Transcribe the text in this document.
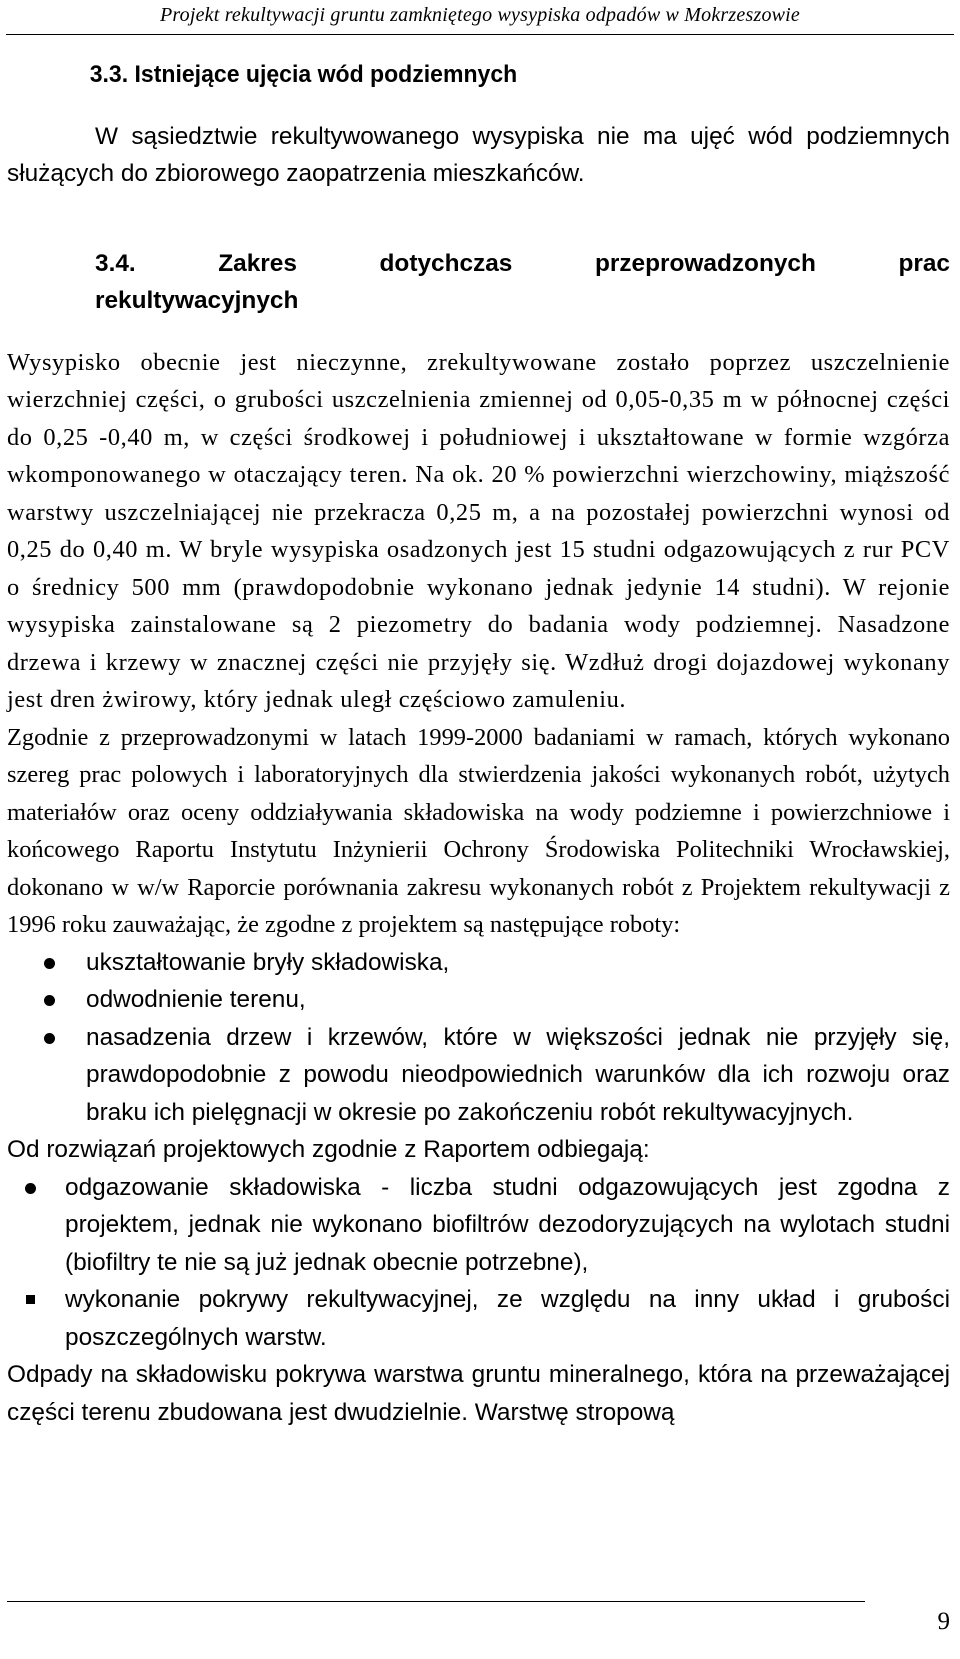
Projekt rekultywacji gruntu zamkniętego wysypiska odpadów w Mokrzeszowie
3.3. Istniejące ujęcia wód podziemnych

W sąsiedztwie rekultywowanego wysypiska nie ma ujęć wód podziemnych służących do zbiorowego zaopatrzenia mieszkańców.

3.4. Zakres dotychczas przeprowadzonych prac
rekultywacyjnych

Wysypisko obecnie jest nieczynne, zrekultywowane zostało poprzez uszczelnienie wierzchniej części, o grubości uszczelnienia zmiennej od 0,05-0,35 m w północnej części do 0,25 -0,40 m, w części środkowej i południowej i ukształtowane w formie wzgórza wkomponowanego w otaczający teren. Na ok. 20 % powierzchni wierzchowiny, miąższość warstwy uszczelniającej nie przekracza 0,25 m, a na pozostałej powierzchni wynosi od 0,25 do 0,40 m. W bryle wysypiska osadzonych jest 15 studni odgazowujących z rur PCV o średnicy 500 mm (prawdopodobnie wykonano jednak jedynie 14 studni). W rejonie wysypiska zainstalowane są 2 piezometry do badania wody podziemnej. Nasadzone drzewa i krzewy w znacznej części nie przyjęły się. Wzdłuż drogi dojazdowej wykonany jest dren żwirowy, który jednak uległ częściowo zamuleniu.

Zgodnie z przeprowadzonymi w latach 1999-2000 badaniami w ramach, których wykonano szereg prac polowych i laboratoryjnych dla stwierdzenia jakości wykonanych robót, użytych materiałów oraz oceny oddziaływania składowiska na wody podziemne i powierzchniowe i końcowego Raportu Instytutu Inżynierii Ochrony Środowiska Politechniki Wrocławskiej, dokonano w w/w Raporcie porównania zakresu wykonanych robót z Projektem rekultywacji z 1996 roku zauważając, że zgodne z projektem są następujące roboty:

ukształtowanie bryły składowiska,
odwodnienie terenu,
nasadzenia drzew i krzewów, które w większości jednak nie przyjęły się, prawdopodobnie z powodu nieodpowiednich warunków dla ich rozwoju oraz braku ich pielęgnacji w okresie po zakończeniu robót rekultywacyjnych.

Od rozwiązań projektowych zgodnie z Raportem odbiegają:

odgazowanie składowiska - liczba studni odgazowujących jest zgodna z projektem, jednak nie wykonano biofiltrów dezodoryzujących na wylotach studni (biofiltry te nie są już jednak obecnie potrzebne),
wykonanie pokrywy rekultywacyjnej, ze względu na inny układ i grubości poszczególnych warstw.

Odpady na składowisku pokrywa warstwa gruntu mineralnego, która na przeważającej części terenu zbudowana jest dwudzielnie. Warstwę stropową

9
